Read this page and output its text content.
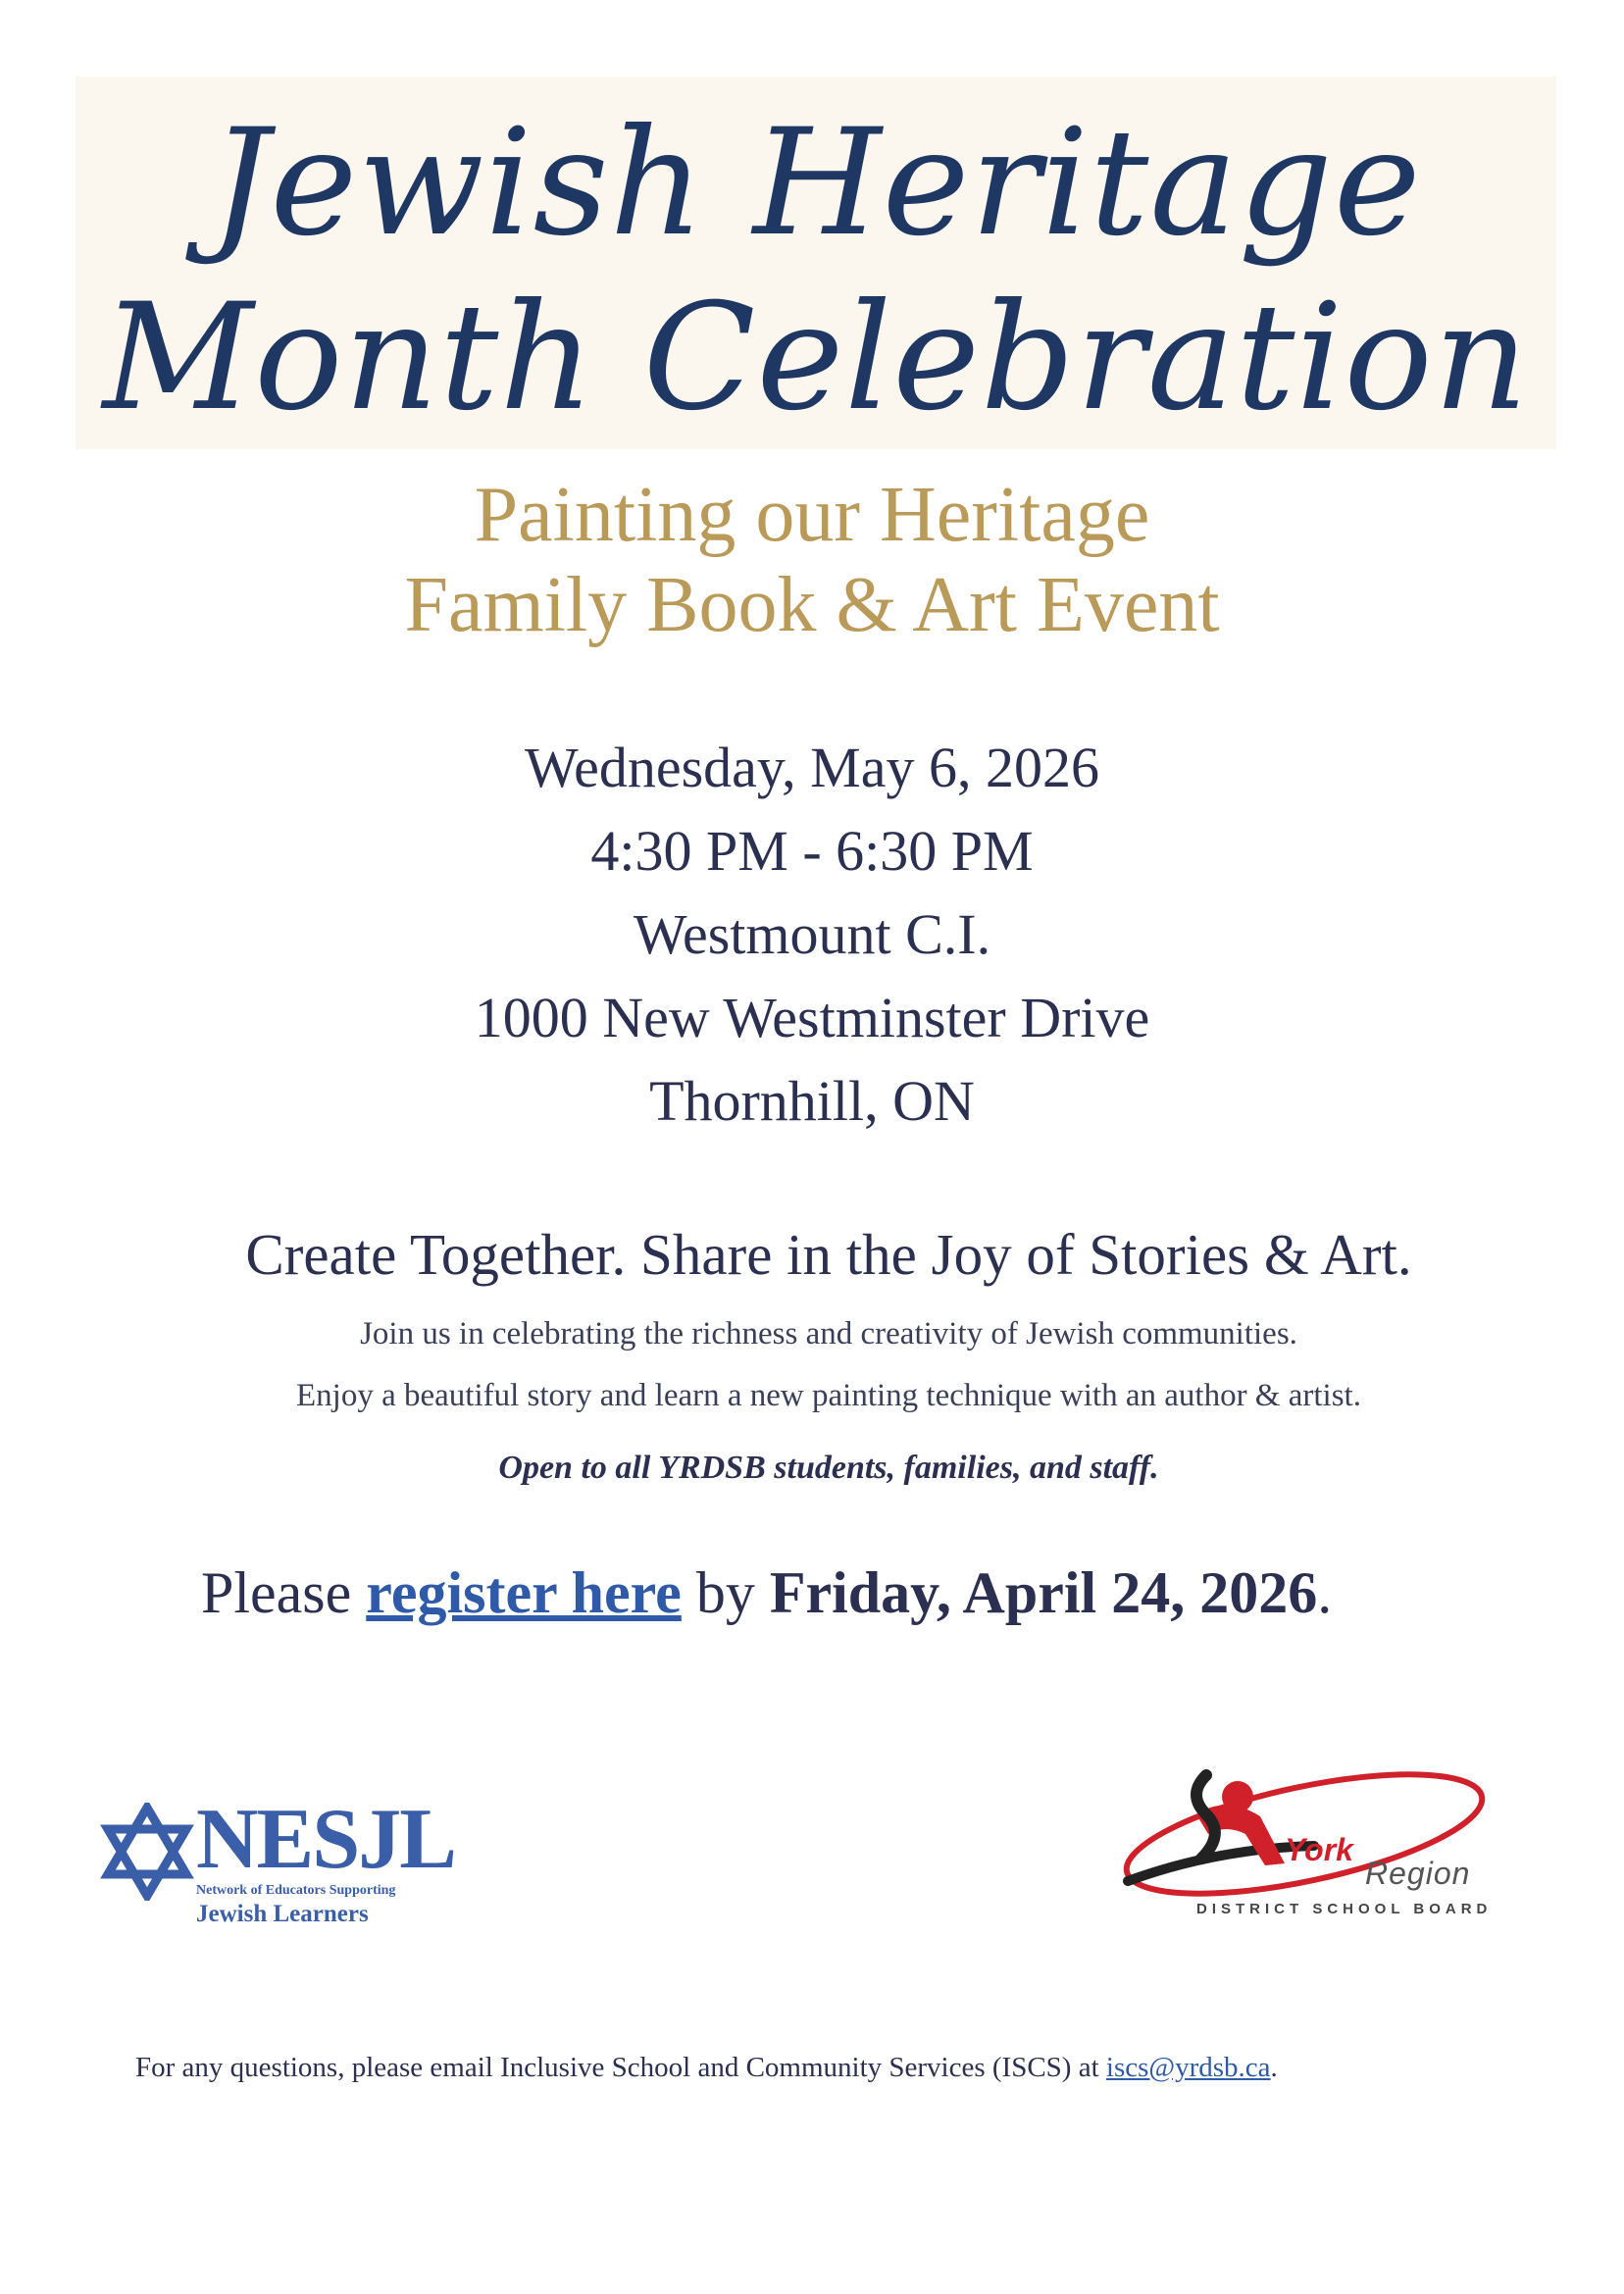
Jewish Heritage
Month Celebration
Painting our Heritage
Family Book & Art Event
Wednesday, May 6, 2026
4:30 PM - 6:30 PM
Westmount C.I.
1000 New Westminster Drive
Thornhill, ON
Create Together. Share in the Joy of Stories & Art.
Join us in celebrating the richness and creativity of Jewish communities.
Enjoy a beautiful story and learn a new painting technique with an author & artist.
Open to all YRDSB students, families, and staff.
Please register here by Friday, April 24, 2026.
NESJL
Network of Educators Supporting
Jewish Learners
York
Region
DISTRICT SCHOOL BOARD
For any questions, please email Inclusive School and Community Services (ISCS) at iscs@yrdsb.ca.
